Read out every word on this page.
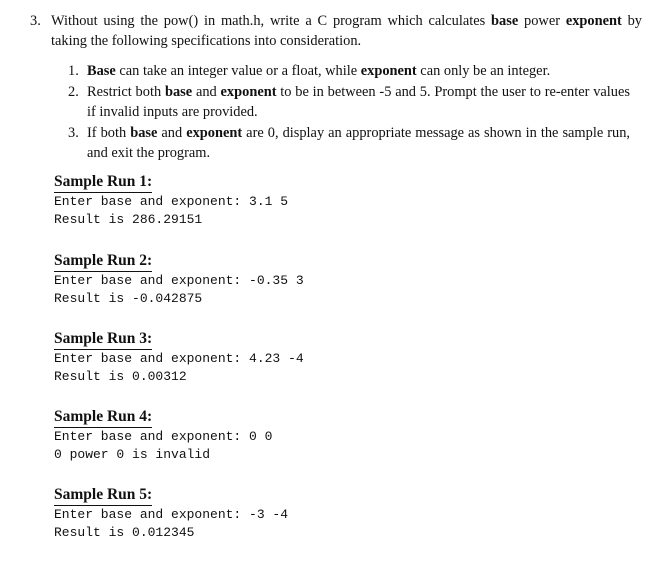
3. Without using the pow() in math.h, write a C program which calculates base power exponent by taking the following specifications into consideration.
1. Base can take an integer value or a float, while exponent can only be an integer.
2. Restrict both base and exponent to be in between -5 and 5. Prompt the user to re-enter values if invalid inputs are provided.
3. If both base and exponent are 0, display an appropriate message as shown in the sample run, and exit the program.
Sample Run 1:
Enter base and exponent: 3.1 5
Result is 286.29151
Sample Run 2:
Enter base and exponent: -0.35 3
Result is -0.042875
Sample Run 3:
Enter base and exponent: 4.23 -4
Result is 0.00312
Sample Run 4:
Enter base and exponent: 0 0
0 power 0 is invalid
Sample Run 5:
Enter base and exponent: -3 -4
Result is 0.012345
